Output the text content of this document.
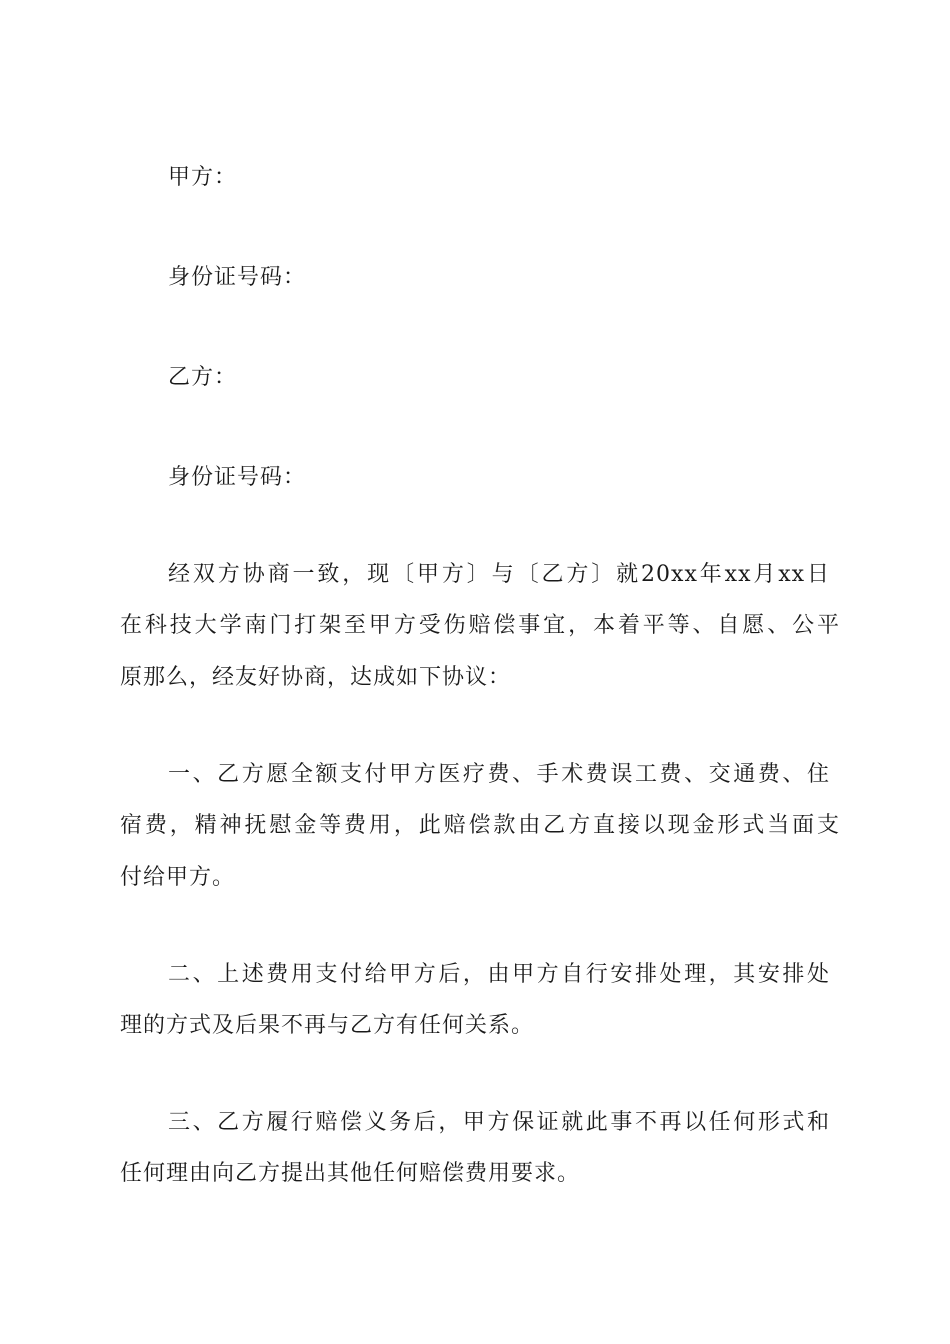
甲方：
身份证号码：
乙方：
身份证号码：
经双方协商一致，现〔甲方〕与〔乙方〕就20xx年xx月xx日
在科技大学南门打架至甲方受伤赔偿事宜，本着平等、自愿、公平
原那么，经友好协商，达成如下协议：
一、乙方愿全额支付甲方医疗费、手术费误工费、交通费、住
宿费，精神抚慰金等费用，此赔偿款由乙方直接以现金形式当面支
付给甲方。
二、上述费用支付给甲方后，由甲方自行安排处理，其安排处
理的方式及后果不再与乙方有任何关系。
三、乙方履行赔偿义务后，甲方保证就此事不再以任何形式和
任何理由向乙方提出其他任何赔偿费用要求。
